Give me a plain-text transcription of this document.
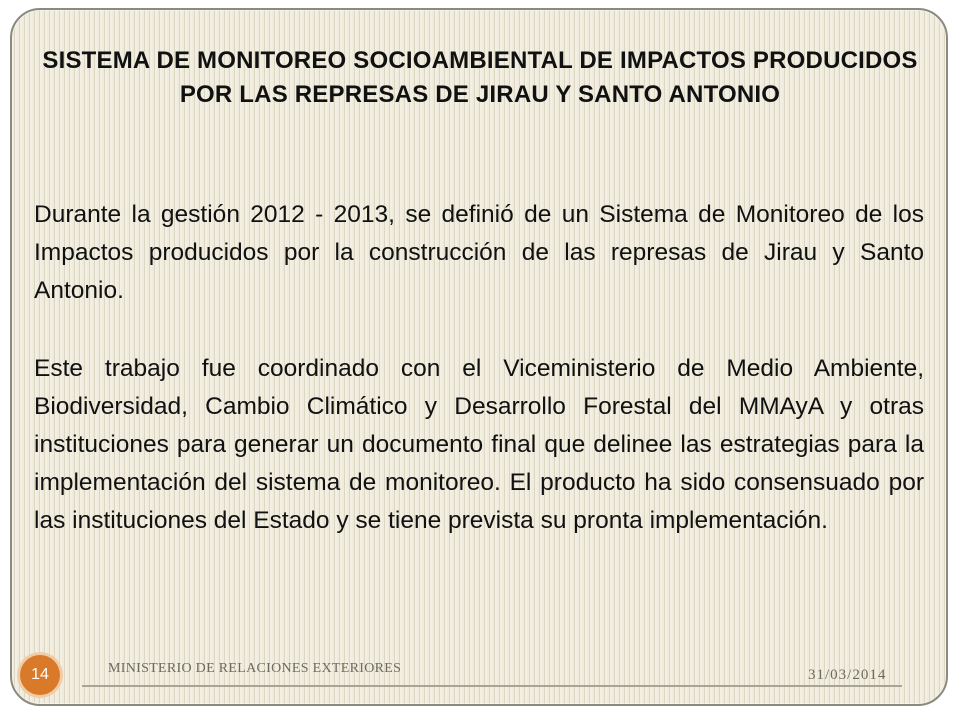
SISTEMA DE MONITOREO SOCIOAMBIENTAL DE IMPACTOS PRODUCIDOS POR LAS REPRESAS DE JIRAU Y SANTO ANTONIO

Durante la gestión 2012 - 2013, se definió de un Sistema de Monitoreo de los Impactos producidos por la construcción de las represas de Jirau y Santo Antonio.

Este trabajo fue coordinado con el Viceministerio de Medio Ambiente, Biodiversidad, Cambio Climático y Desarrollo Forestal del MMAyA y otras instituciones para generar un documento final que delinee las estrategias para la implementación del sistema de monitoreo. El producto ha sido consensuado por las instituciones del Estado y se tiene prevista su pronta implementación.

14	MINISTERIO DE RELACIONES EXTERIORES	31/03/2014
